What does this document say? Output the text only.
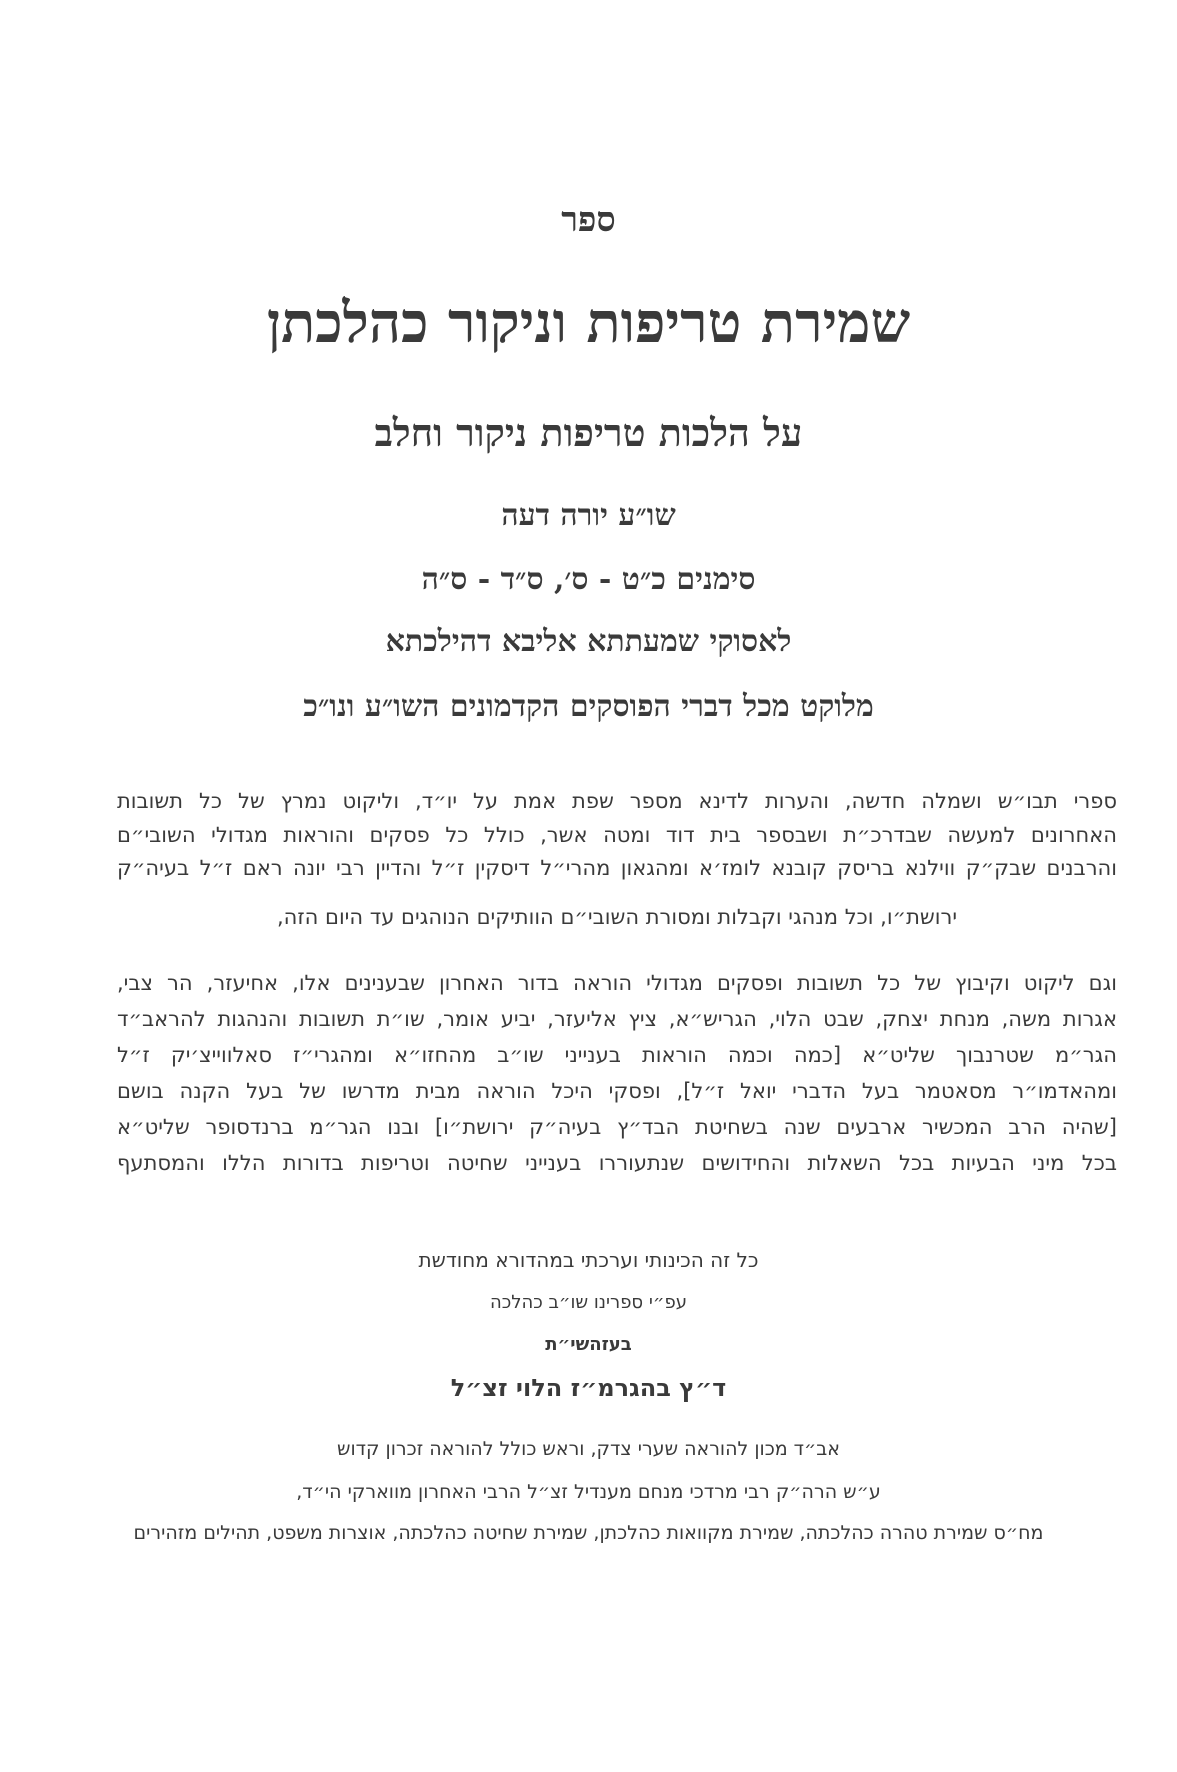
ספר
שמירת טריפות וניקור כהלכתן
על הלכות טריפות ניקור וחלב
שו״ע יורה דעה
סימנים כ״ט - ס׳, ס״ד - ס״ה
לאסוקי שמעתתא אליבא דהילכתא
מלוקט מכל דברי הפוסקים הקדמונים השו״ע ונו״כ
ספרי תבו״ש ושמלה חדשה, והערות לדינא מספר שפת אמת על יו״ד, וליקוט נמרץ של כל תשובות
האחרונים למעשה שבדרכ״ת ושבספר בית דוד ומטה אשר, כולל כל פסקים והוראות מגדולי השובי״ם
והרבנים שבק״ק ווילנא בריסק קובנא לומז׳א ומהגאון מהרי״ל דיסקין ז״ל והדיין רבי יונה ראם ז״ל בעיה״ק
ירושת״ו, וכל מנהגי וקבלות ומסורת השובי״ם הוותיקים הנוהגים עד היום הזה,
וגם ליקוט וקיבוץ של כל תשובות ופסקים מגדולי הוראה בדור האחרון שבענינים אלו, אחיעזר, הר צבי,
אגרות משה, מנחת יצחק, שבט הלוי, הגריש״א, ציץ אליעזר, יביע אומר, שו״ת תשובות והנהגות להראב״ד
הגר״מ שטרנבוך שליט״א [כמה וכמה הוראות בענייני שו״ב מהחזו״א ומהגרי״ז סאלווייצ׳יק ז״ל
ומהאדמו״ר מסאטמר בעל הדברי יואל ז״ל], ופסקי היכל הוראה מבית מדרשו של בעל הקנה בושם
[שהיה הרב המכשיר ארבעים שנה בשחיטת הבד״ץ בעיה״ק ירושת״ו] ובנו הגר״מ ברנדסופר שליט״א
בכל מיני הבעיות בכל השאלות והחידושים שנתעוררו בענייני שחיטה וטריפות בדורות הללו והמסתעף
כל זה הכינותי וערכתי במהדורא מחודשת
עפ״י ספרינו שו״ב כהלכה
בעזהשי״ת
ד״ץ בהגרמ״ז הלוי זצ״ל
אב״ד מכון להוראה שערי צדק, וראש כולל להוראה זכרון קדוש
ע״ש הרה״ק רבי מרדכי מנחם מענדיל זצ״ל הרבי האחרון מווארקי הי״ד,
מח״ס שמירת טהרה כהלכתה, שמירת מקוואות כהלכתן, שמירת שחיטה כהלכתה, אוצרות משפט, תהילים מזהירים
